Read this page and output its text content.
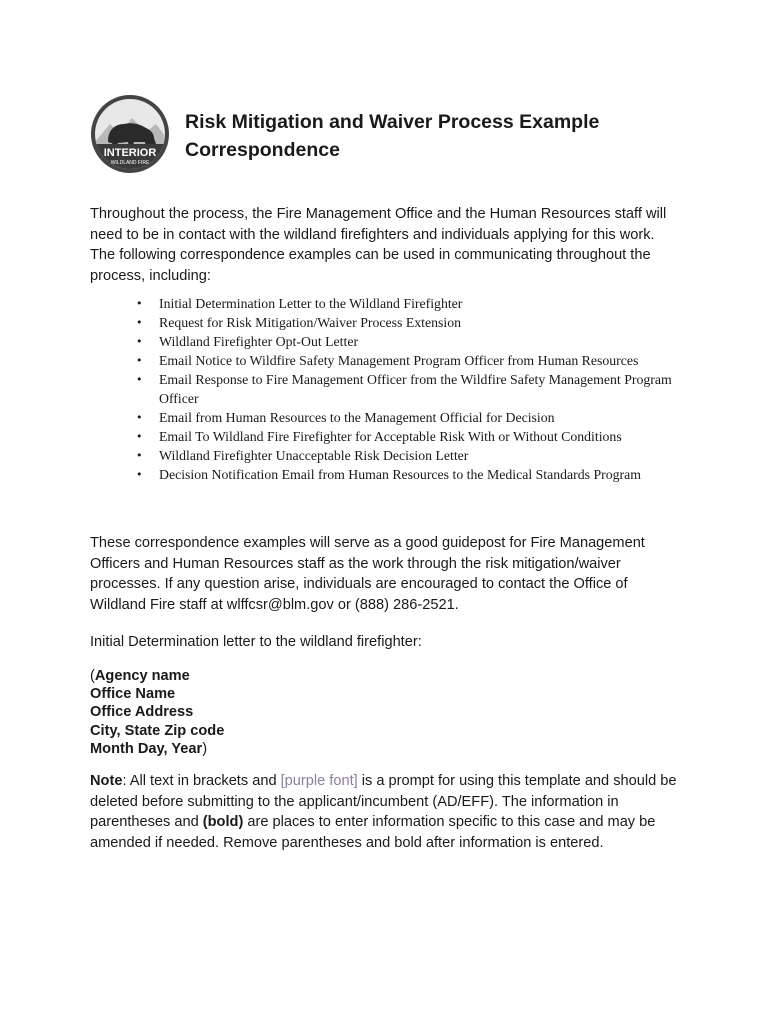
INTERIOR
WILDLAND FIRE
Risk Mitigation and Waiver Process Example
Correspondence

Throughout the process, the Fire Management Office and the Human Resources staff will need to be in contact with the wildland firefighters and individuals applying for this work. The following correspondence examples can be used in communicating throughout the process, including:

• Initial Determination Letter to the Wildland Firefighter
• Request for Risk Mitigation/Waiver Process Extension
• Wildland Firefighter Opt-Out Letter
• Email Notice to Wildfire Safety Management Program Officer from Human Resources
• Email Response to Fire Management Officer from the Wildfire Safety Management Program Officer
• Email from Human Resources to the Management Official for Decision
• Email To Wildland Fire Firefighter for Acceptable Risk With or Without Conditions
• Wildland Firefighter Unacceptable Risk Decision Letter
• Decision Notification Email from Human Resources to the Medical Standards Program

These correspondence examples will serve as a good guidepost for Fire Management Officers and Human Resources staff as the work through the risk mitigation/waiver processes. If any question arise, individuals are encouraged to contact the Office of Wildland Fire staff at wlffcsr@blm.gov or (888) 286-2521.

Initial Determination letter to the wildland firefighter:

(Agency name
Office Name
Office Address
City, State Zip code
Month Day, Year)

Note: All text in brackets and [purple font] is a prompt for using this template and should be deleted before submitting to the applicant/incumbent (AD/EFF). The information in parentheses and (bold) are places to enter information specific to this case and may be amended if needed. Remove parentheses and bold after information is entered.
